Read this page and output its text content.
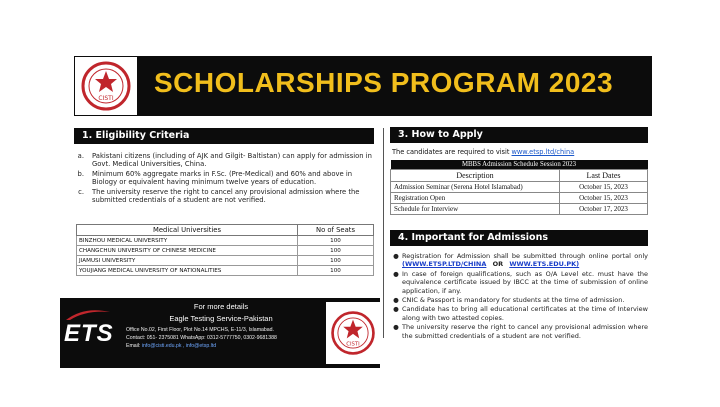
CISTI
SCHOLARSHIPS PROGRAM 2023
1. Eligibility Criteria
a.	Pakistani citizens (including of AJK and Gilgit- Baltistan) can apply for admission in Govt. Medical Universities, China.
b.	Minimum 60% aggregate marks in F.Sc. (Pre-Medical) and 60% and above in Biology or equivalent having minimum twelve years of education.
c.	The university reserve the right to cancel any provisional admission where the submitted credentials of a student are not verified.
Medical Universities	No of Seats
BINZHOU MEDICAL UNIVERSITY	100
CHANGCHUN UNIVERSITY OF CHINESE MEDICINE	100
JIAMUSI UNIVERSITY	100
YOUJIANG MEDICAL UNIVERSITY OF NATIONALITIES	100
ETS
For more details
Eagle Testing Service-Pakistan
Office No.02, First Floor, Plot No.14 MPCHS, E-11/3, Islamabad.
Contact: 051- 2375081 WhatsApp: 0312-5777750, 0302-9681388
Email: info@cisti.edu.pk , info@etsp.ltd	CISTI
3. How to Apply
The candidates are required to visit www.etsp.ltd/china
MBBS Admission Schedule Session 2023	
Description	Last Dates
Admission Seminar (Serena Hotel Islamabad)	October 15, 2023
Registration Open	October 15, 2023
Schedule for Interview	October 17, 2023
4. Important for Admissions
● Registration for Admission shall be submitted through online portal only (WWW.ETSP.LTD/CHINA OR WWW.ETS.EDU.PK)
● In case of foreign qualifications, such as O/A Level etc. must have the equivalence certificate issued by IBCC at the time of submission of online application, if any.
● CNIC & Passport is mandatory for students at the time of admission.
● Candidate has to bring all educational certificates at the time of Interview along with two attested copies.
● The university reserve the right to cancel any provisional admission where the submitted credentials of a student are not verified.
